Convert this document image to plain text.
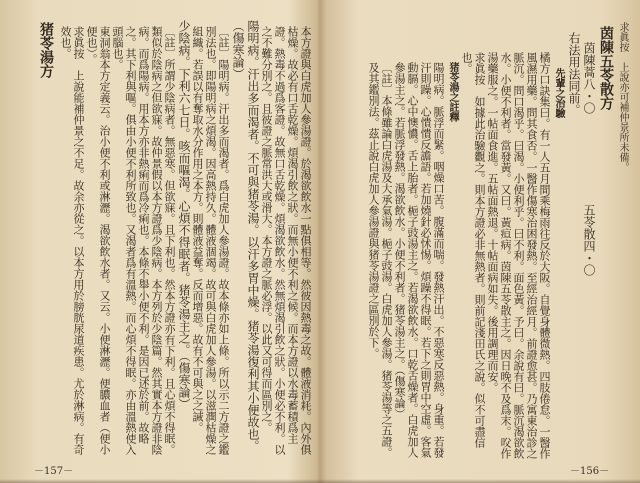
本方證與白虎加人參湯證。於渴欲飲水一點俱相等。然彼因熱毒之故。體液消耗。內外俱枯燥。故必有口舌乾燥。煩渴引飲之狀。而無小便不利之候。而本方證以水毒蓄積爲主證。熱毒不過爲客證。故無口舌乾燥。煩渴欲飲水。然無煩渴引飲之狀。小便必不利。以之不難分別之。且彼證之脈常洪大或滑大。本方證之脈必浮。以此又可得而區別之。

陽明病。汗出多而渴者。不可與猪苓湯。以汗多胃中燥。猪苓湯復利其小便故也。（傷寒論）

〔註〕陽明病。汗出多而渴者。爲白虎加人參湯證。故本條亦如上條。所以示二方證之鑑別法也。即陽明病之煩渴。因高熱持久。體液涸竭。故可與白虎加人參湯。以滋潤枯燥之組織。若誤以有奪取水分作用之本方。則體液益奪。反而增惡。故有不可與之之誡。

少陰病。下利六七日。咳而嘔渴。心煩不得眠者。猪苓湯主之。（傷寒論）

〔註〕所謂少陰病者。無惡寒。但欲寐。且下利也。然本方證亦有下利。且心煩不得眠。類似於陰病之但欲寐。故仲景假以本方證爲少陰病。本方列於少陰篇。然其實本方證非陰病。而爲陽病。用本方亦非熱痢而爲冷痢也。本條不舉小便不利。是因已述於前。故略之。其下利與嘔。俱由小便不利所致也。又渴者爲有溫熱。而心煩不得眠。亦由溫熱使入頭腦也。

東洞翁本方定義云。治小便不利或淋瀝。渴欲飲水者。又云。小便淋瀝。便膿血者（便小便也）。

求眞按　上說能補仲景之不足。故余亦從之。以本方用於膀胱尿道疾患。尤於淋病。有奇效也。

猪苓湯方

－157－

求眞按　上說亦可補仲景所未備。

茵陳五苓散方

茵陳蒿八・〇
五苓散四・〇

右法用法同前。

先輩之治驗

橘方口訣集曰。有一人五月間乘梅雨往反於大阪。自覺身體微熱。四肢倦怠。一醫作風濕用藥。問其食否。一醫作傷寒治困發熱。至經治經月。前證愈甚。乃寓東治診之脈沉。問口渴乎。曰渴。小便利乎。曰不利。面色黃。予曰。余說有曰。脈沉渴欲飲水。小便不利者。當發黃。又曰。黃疸病。茵陳五苓散主之。因日晚不及爲末。㕮作湯藥服之。一帖面食進。五帖面熱退。十帖面病如失。後用調理而安。

求眞按　如據此治驗觀之。則本方證必非無熱者。則前記淺田氏之說。似不可盡信也。

猪苓湯之註釋

陽明病。脈浮而緊。咽燥口苦。腹滿而喘。發熱汗出。不惡寒反惡熱。身重。若發汗則躁。心憒憒反譫語。若加燒針必怵惕。煩躁不得眠。若下之則胃中空虛。客氣動膈。心中懊憹。舌上胎者。梔子豉湯主之。若渴欲飲水。口乾舌燥者。白虎加人參湯主之。若脈浮發熱。渴欲飲水。小便不利者。猪苓湯主之。（傷寒論）

〔註〕本條雖論白虎湯及大承氣湯。梔子豉湯。白虎加人參湯。猪苓湯等之五證。及其鑑別法。茲止說白虎加人參湯證與猪苓湯證之區別於下。

－156－
